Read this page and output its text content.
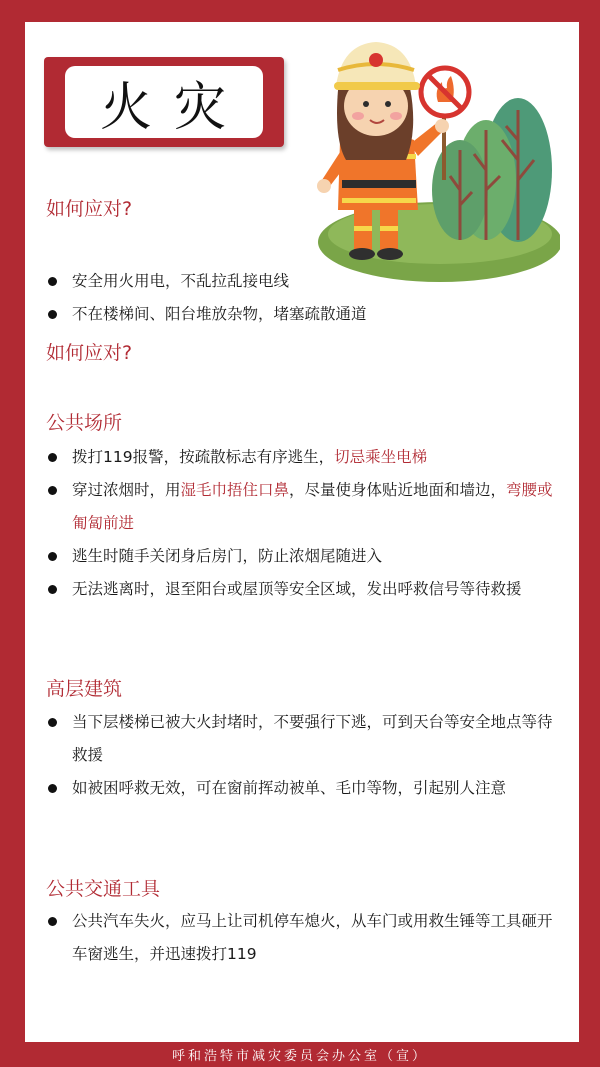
火灾
如何应对?
安全用火用电，不乱拉乱接电线
不在楼梯间、阳台堆放杂物，堵塞疏散通道
如何应对?
公共场所
拨打119报警，按疏散标志有序逃生，切忌乘坐电梯
穿过浓烟时，用湿毛巾捂住口鼻，尽量使身体贴近地面和墙边，弯腰或匍匐前进
逃生时随手关闭身后房门，防止浓烟尾随进入
无法逃离时，退至阳台或屋顶等安全区域，发出呼救信号等待救援
高层建筑
当下层楼梯已被大火封堵时，不要强行下逃，可到天台等安全地点等待救援
如被困呼救无效，可在窗前挥动被单、毛巾等物，引起别人注意
公共交通工具
公共汽车失火，应马上让司机停车熄火，从车门或用救生锤等工具砸开车窗逃生，并迅速拨打119
呼和浩特市减灾委员会办公室（宣）
